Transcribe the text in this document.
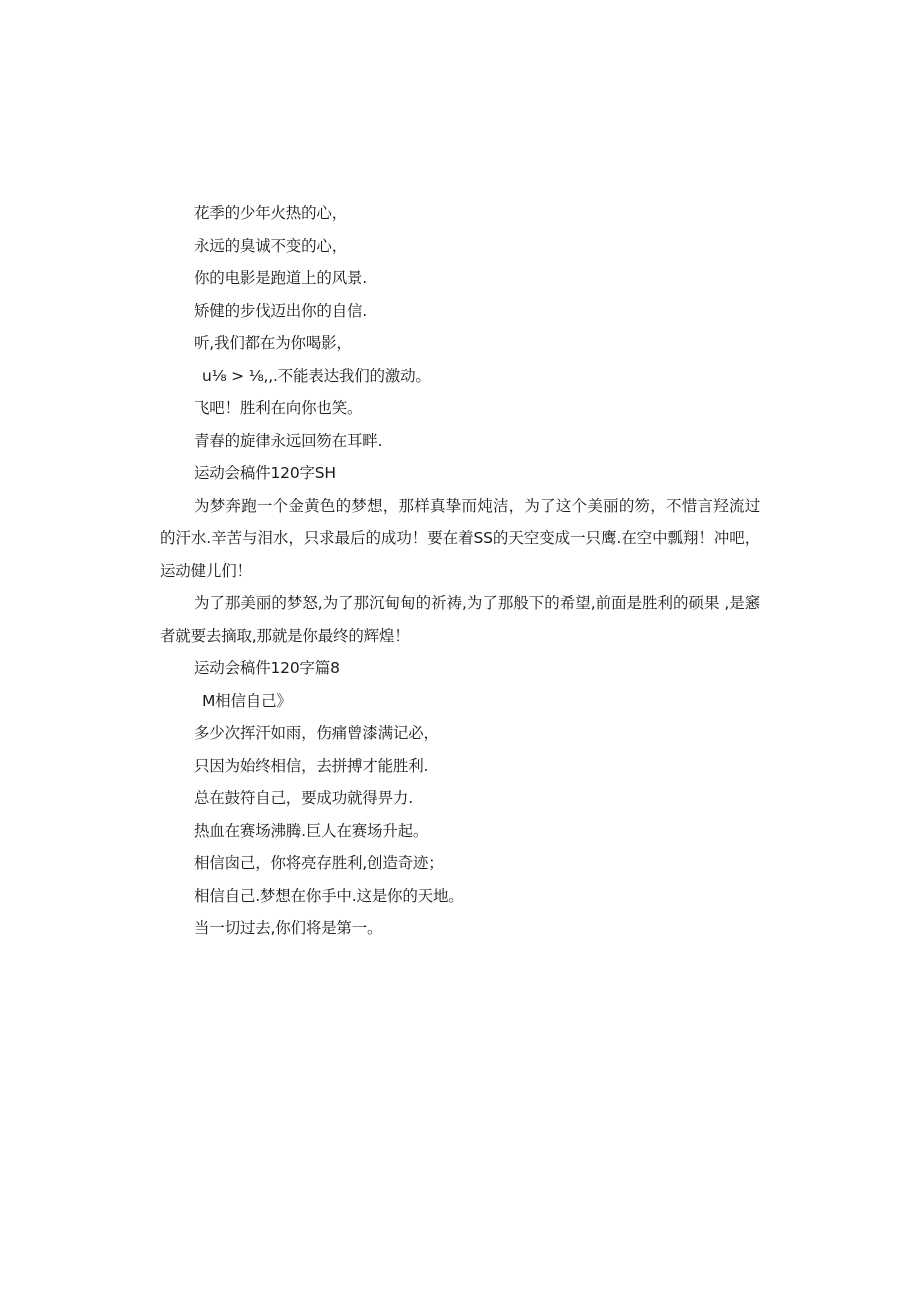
花季的少年火热的心，
永远的臭诚不变的心，
你的电影是跑道上的风景.
矫健的步伐迈出你的自信.
听,我们都在为你喝影，
u⅛ > ⅛,,.不能表达我们的激动。
飞吧！胜利在向你也笑。
青春的旋律永远回笏在耳畔.
运动会稿件120字SH
为梦奔跑一个金黄色的梦想，那样真挚而炖洁，为了这个美丽的笏，不惜言羟流过的汗水.辛苦与泪水，只求最后的成功！要在着SS的天空变成一只鹰.在空中瓢翔！冲吧，运动健儿们！
为了那美丽的梦怒,为了那沉甸甸的祈祷,为了那般下的希望,前面是胜利的硕果 ,是窸者就要去摘取,那就是你最终的辉煌！
运动会稿件120字篇8
M相信自己》
多少次挥汗如雨，伤痛曾漆满记必，
只因为始终相信，去拼搏才能胜利.
总在鼓符自己，要成功就得畀力.
热血在赛场沸腾.巨人在赛场升起。
相信囱己，你将亮存胜利,创造奇迹；
相信自己.梦想在你手中.这是你的天地。
当一切过去,你们将是第一。
